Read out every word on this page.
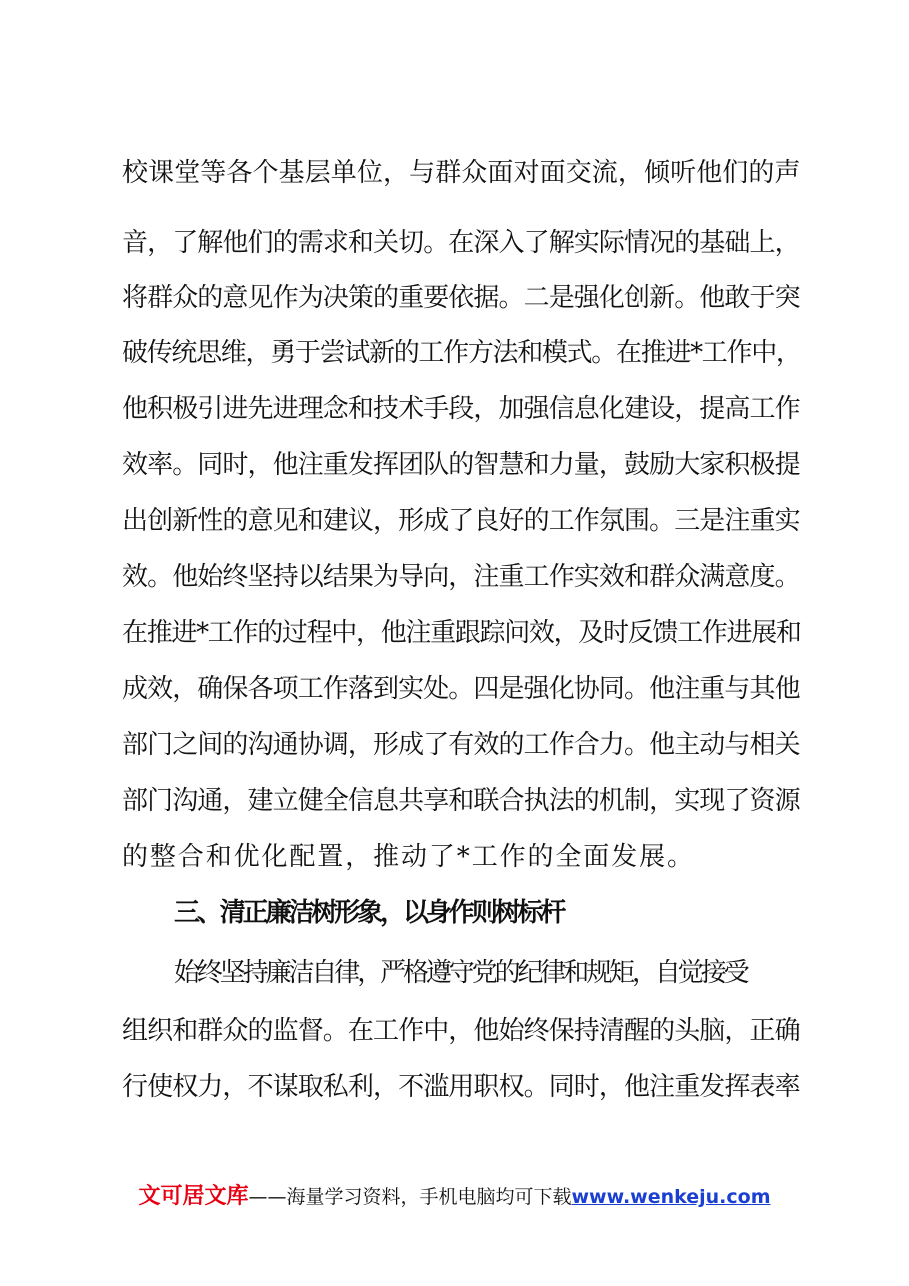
校课堂等各个基层单位，与群众面对面交流，倾听他们的声
音，了解他们的需求和关切。在深入了解实际情况的基础上，
将群众的意见作为决策的重要依据。二是强化创新。他敢于突
破传统思维，勇于尝试新的工作方法和模式。在推进*工作中，
他积极引进先进理念和技术手段，加强信息化建设，提高工作
效率。同时，他注重发挥团队的智慧和力量，鼓励大家积极提
出创新性的意见和建议，形成了良好的工作氛围。三是注重实
效。他始终坚持以结果为导向，注重工作实效和群众满意度。
在推进*工作的过程中，他注重跟踪问效，及时反馈工作进展和
成效，确保各项工作落到实处。四是强化协同。他注重与其他
部门之间的沟通协调，形成了有效的工作合力。他主动与相关
部门沟通，建立健全信息共享和联合执法的机制，实现了资源
的整合和优化配置，推动了*工作的全面发展。
三、清正廉洁树形象，以身作则树标杆
始终坚持廉洁自律，严格遵守党的纪律和规矩，自觉接受
组织和群众的监督。在工作中，他始终保持清醒的头脑，正确
行使权力，不谋取私利，不滥用职权。同时，他注重发挥表率
文可居文库——海量学习资料，手机电脑均可下载www.wenkeju.com
